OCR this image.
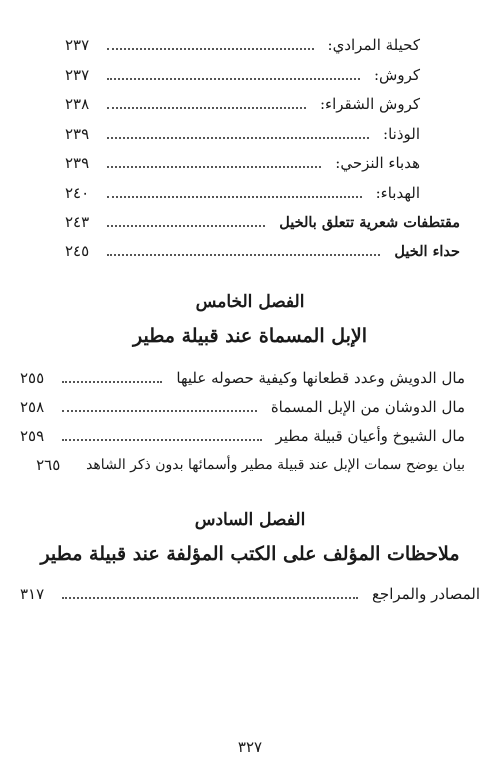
كحيلة المرادي:
٢٣٧
كروش:
٢٣٧
كروش الشقراء:
٢٣٨
الوذنا:
٢٣٩
هدباء النزحي:
٢٣٩
الهدباء:
٢٤٠
مقتطفات شعرية تتعلق بالخيل
٢٤٣
حداء الخيل
٢٤٥
الفصل الخامس
الإبل المسماة عند قبيلة مطير
مال الدويش وعدد قطعانها وكيفية حصوله عليها
٢٥٥
مال الدوشان من الإبل المسماة
٢٥٨
مال الشيوخ وأعيان قبيلة مطير
٢٥٩
بيان يوضح سمات الإبل عند قبيلة مطير وأسمائها بدون ذكر الشاهد
٢٦٥
الفصل السادس
ملاحظات المؤلف على الكتب المؤلفة عند قبيلة مطير
المصادر والمراجع
٣١٧
٣٢٧
